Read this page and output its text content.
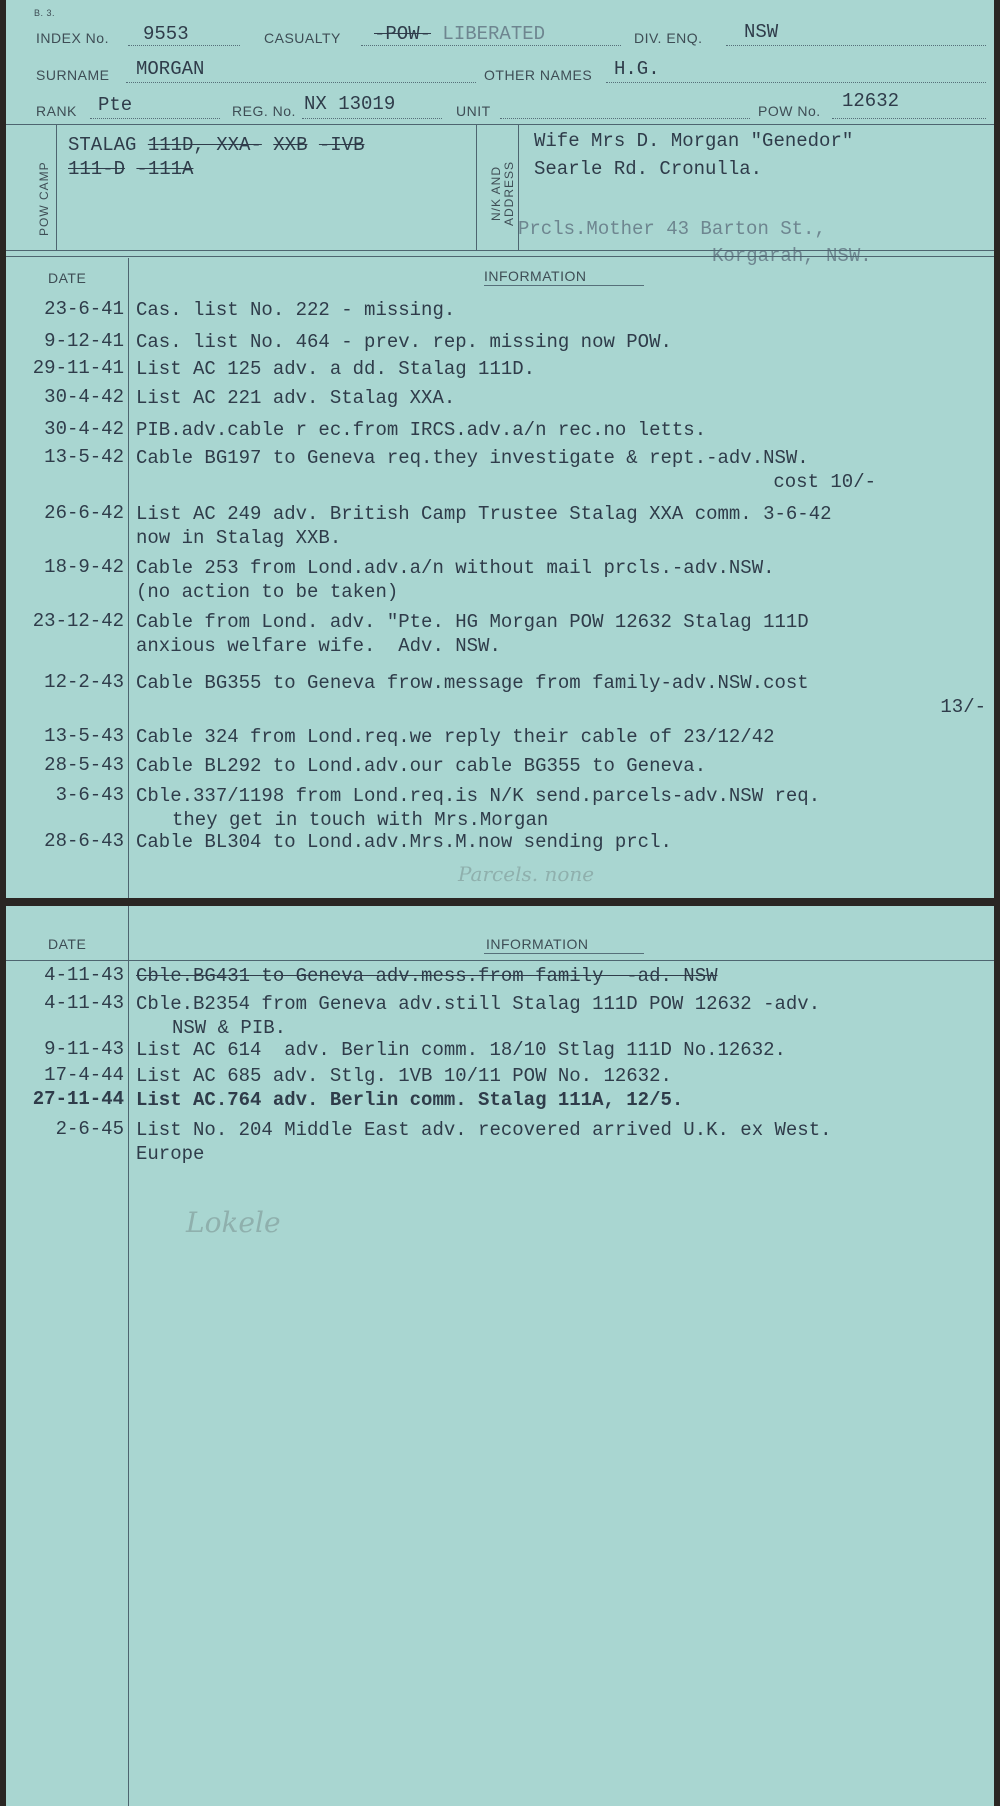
B. 3.
INDEX No. 9553	CASUALTY -POW- LIBERATED	DIV. ENQ. NSW
SURNAME MORGAN	OTHER NAMES H.G.
RANK Pte	REG. No. NX 13019	UNIT	POW No. 12632
POW CAMP
STALAG 111D, XXA- XXB -IVB
111-D -111A	N/K AND ADDRESS
Wife Mrs D. Morgan "Genedor"
Searle Rd. Cronulla.
Prcls.Mother 43 Barton St.,
Korgarah, NSW.
DATE	INFORMATION
23-6-41 Cas. list No. 222 - missing.
9-12-41 Cas. list No. 464 - prev. rep. missing now POW.
29-11-41 List AC 125 adv. a dd. Stalag 111D.
30-4-42 List AC 221 adv. Stalag XXA.
30-4-42 PIB.adv.cable r ec.from IRCS.adv.a/n rec.no letts.
13-5-42 Cable BG197 to Geneva req.they investigate & rept.-adv.NSW.
cost 10/-
26-6-42 List AC 249 adv. British Camp Trustee Stalag XXA comm. 3-6-42
now in Stalag XXB.
18-9-42 Cable 253 from Lond.adv.a/n without mail prcls.-adv.NSW.
(no action to be taken)
23-12-42 Cable from Lond. adv. "Pte. HG Morgan POW 12632 Stalag 111D
anxious welfare wife.  Adv. NSW.
12-2-43 Cable BG355 to Geneva frow.message from family-adv.NSW.cost
13/-
13-5-43 Cable 324 from Lond.req.we reply their cable of 23/12/42
28-5-43 Cable BL292 to Lond.adv.our cable BG355 to Geneva.
3-6-43 Cble.337/1198 from Lond.req.is N/K send.parcels-adv.NSW req.
they get in touch with Mrs.Morgan
28-6-43 Cable BL304 to Lond.adv.Mrs.M.now sending prcl.
Parcels. none
DATE	INFORMATION
4-11-43 Cble.BG431 to Geneva adv.mess.from family  -ad. NSW
4-11-43 Cble.B2354 from Geneva adv.still Stalag 111D POW 12632 -adv.
NSW & PIB.
9-11-43 List AC 614  adv. Berlin comm. 18/10 Stlag 111D No.12632.
17-4-44 List AC 685 adv. Stlg. 1VB 10/11 POW No. 12632.
27-11-44 List AC.764 adv. Berlin comm. Stalag 111A, 12/5.
2-6-45 List No. 204 Middle East adv. recovered arrived U.K. ex West.
Europe
Lokele
